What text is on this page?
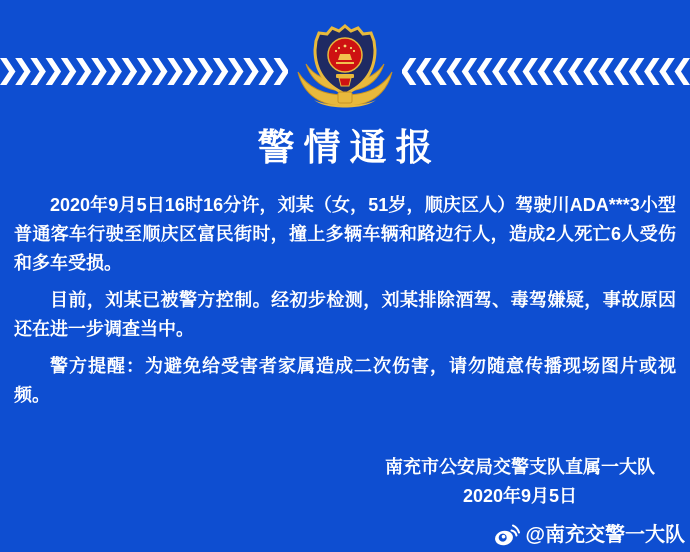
警情通报

2020年9月5日16时16分许，刘某（女，51岁，顺庆区人）驾驶川ADA***3小型普通客车行驶至顺庆区富民街时，撞上多辆车辆和路边行人，造成2人死亡6人受伤和多车受损。

目前，刘某已被警方控制。经初步检测，刘某排除酒驾、毒驾嫌疑，事故原因还在进一步调查当中。

警方提醒：为避免给受害者家属造成二次伤害，请勿随意传播现场图片或视频。

南充市公安局交警支队直属一大队
2020年9月5日
@南充交警一大队
